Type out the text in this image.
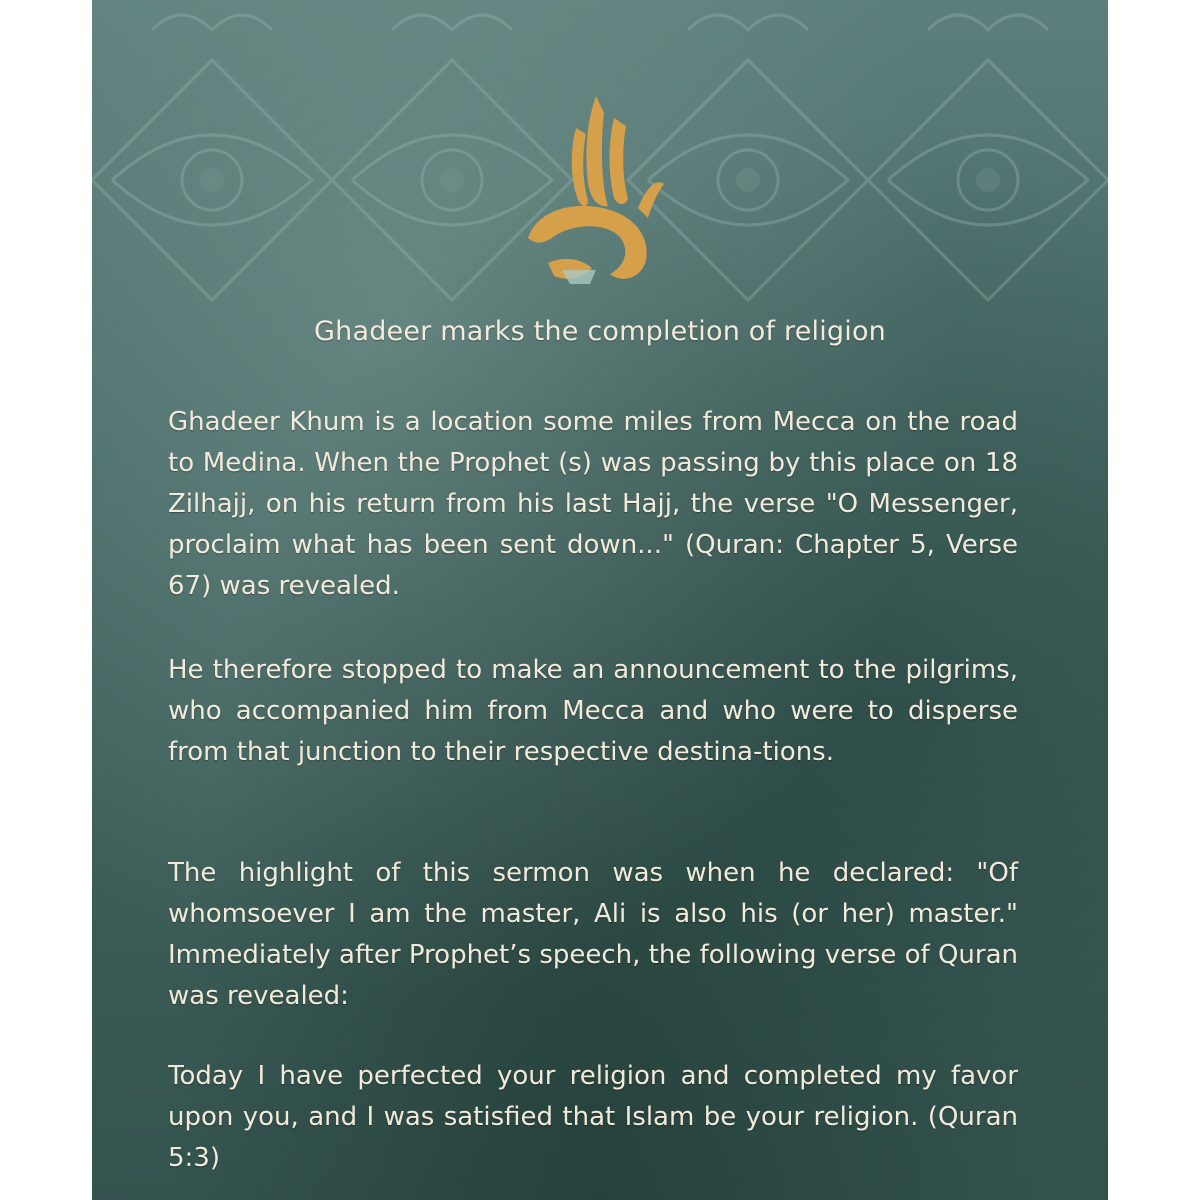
Ghadeer marks the completion of religion

Ghadeer Khum is a location some miles from Mecca on the road to Medina. When the Prophet (s) was passing by this place on 18 Zilhajj, on his return from his last Hajj, the verse "O Messenger, proclaim what has been sent down..." (Quran: Chapter 5, Verse 67) was revealed.

He therefore stopped to make an announcement to the pilgrims, who accompanied him from Mecca and who were to disperse from that junction to their respective destina-tions.

The highlight of this sermon was when he declared: "Of whomsoever I am the master, Ali is also his (or her) master." Immediately after Prophet’s speech, the following verse of Quran was revealed:

Today I have perfected your religion and completed my favor upon you, and I was satisfied that Islam be your religion. (Quran 5:3)
